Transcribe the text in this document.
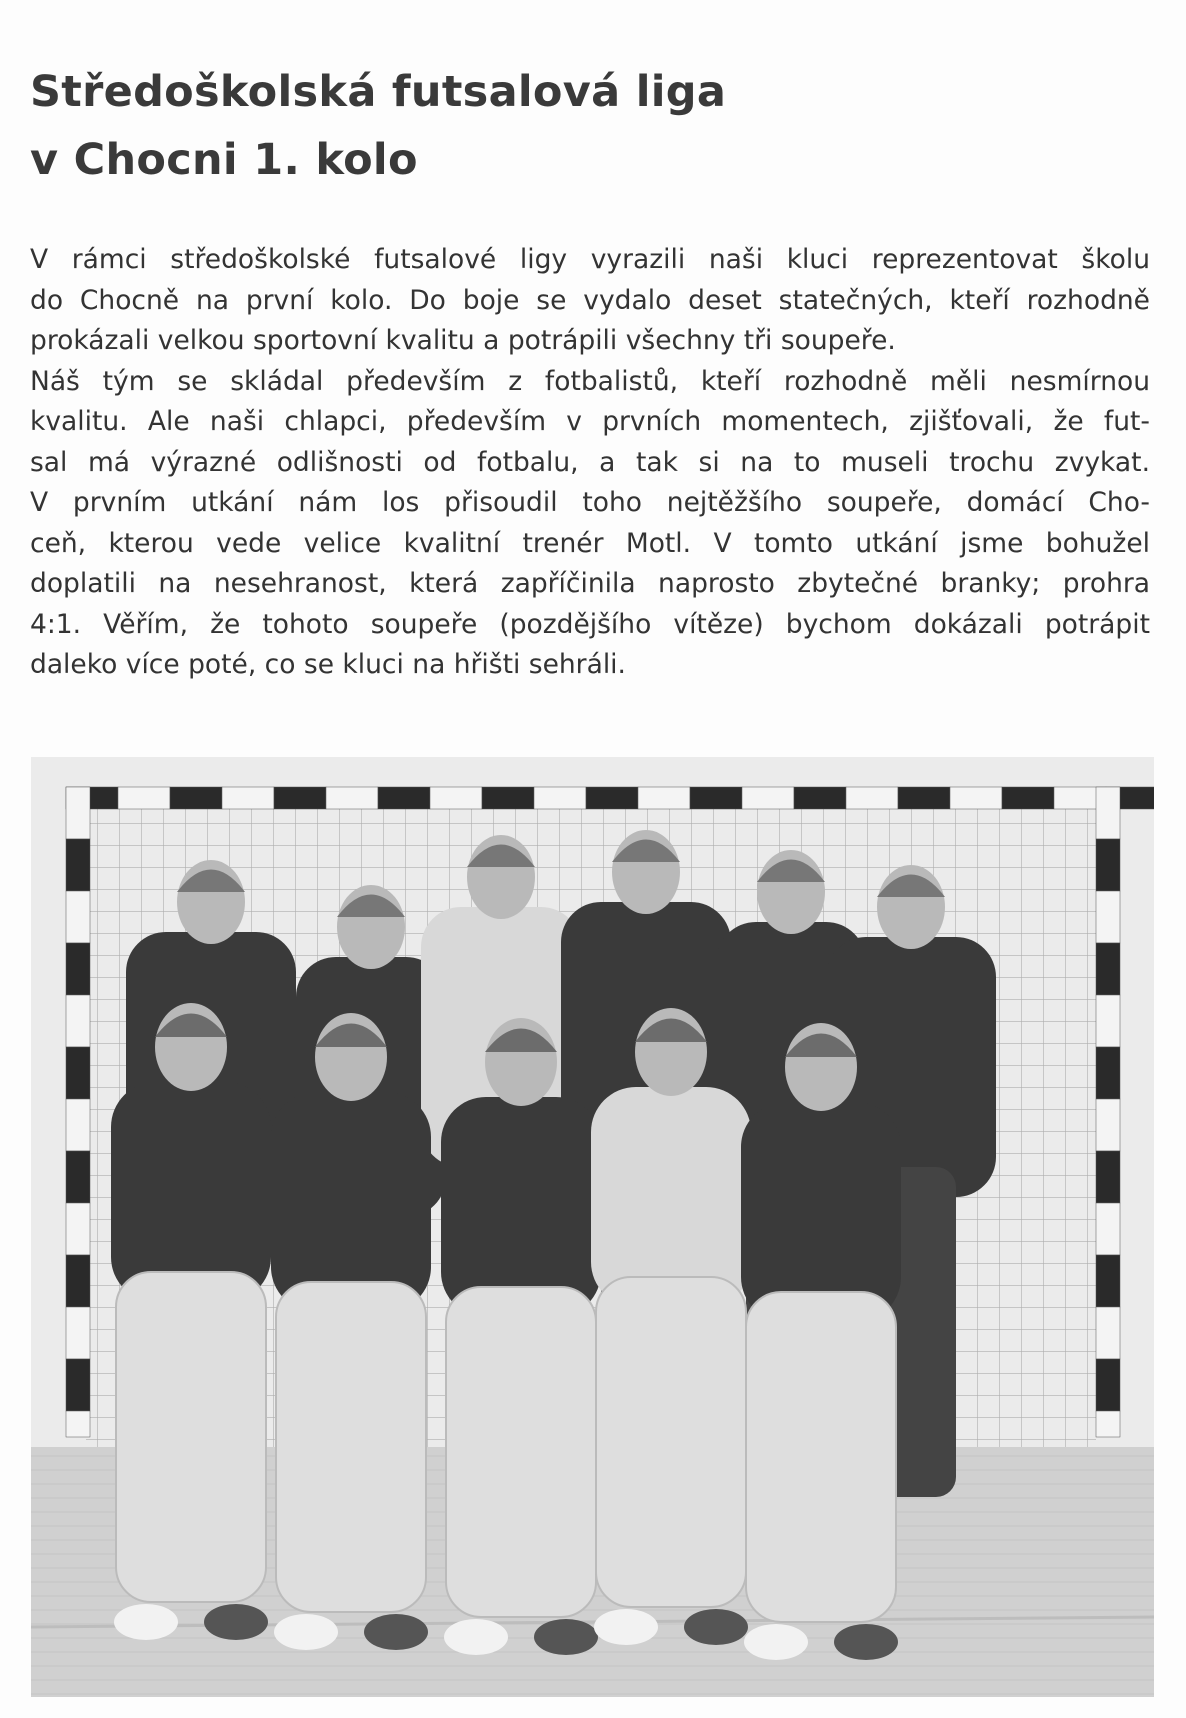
Středoškolská futsalová liga
v Chocni 1. kolo
V rámci středoškolské futsalové ligy vyrazili naši kluci reprezentovat školu
do Chocně na první kolo. Do boje se vydalo deset statečných, kteří rozhodně
prokázali velkou sportovní kvalitu a potrápili všechny tři soupeře.
Náš tým se skládal především z fotbalistů, kteří rozhodně měli nesmírnou
kvalitu. Ale naši chlapci, především v prvních momentech, zjišťovali, že fut-
sal má výrazné odlišnosti od fotbalu, a tak si na to museli trochu zvykat.
V prvním utkání nám los přisoudil toho nejtěžšího soupeře, domácí Cho-
ceň, kterou vede velice kvalitní trenér Motl. V tomto utkání jsme bohužel
doplatili na nesehranost, která zapříčinila naprosto zbytečné branky; prohra
4:1. Věřím, že tohoto soupeře (pozdějšího vítěze) bychom dokázali potrápit
daleko více poté, co se kluci na hřišti sehráli.
